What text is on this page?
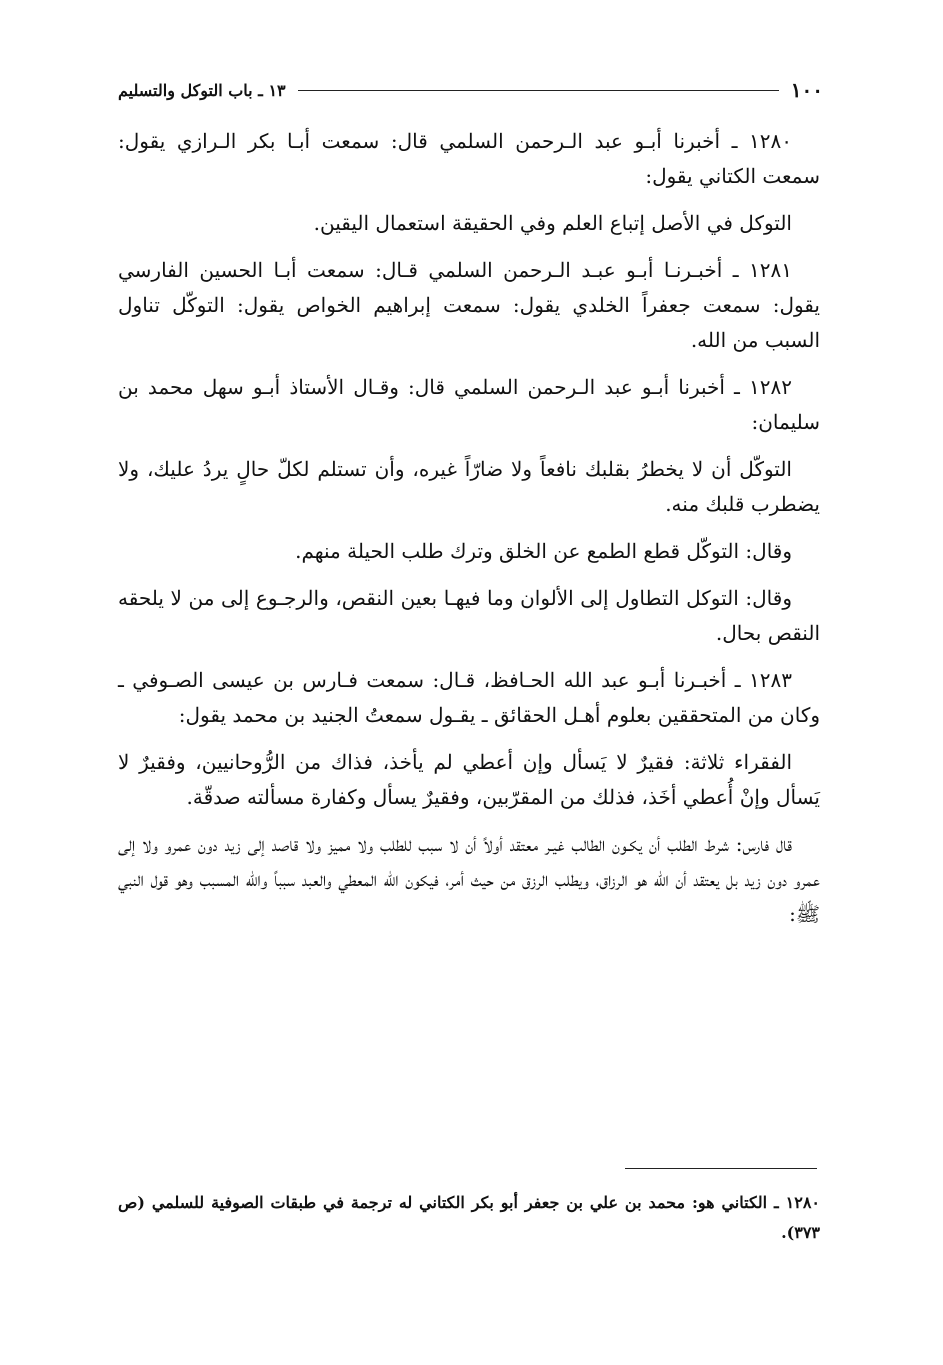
١٠٠
١٣ ـ باب التوكل والتسليم

١٢٨٠ ـ أخبرنا أبـو عبد الـرحمن السلمي قال: سمعت أبـا بكر الـرازي يقول: سمعت الكتاني يقول:

التوكل في الأصل إتباع العلم وفي الحقيقة استعمال اليقين.

١٢٨١ ـ أخبـرنـا أبـو عبـد الـرحمن السلمي قـال: سمعت أبـا الحسين الفارسي يقول: سمعت جعفراً الخلدي يقول: سمعت إبراهيم الخواص يقول: التوكّل تناول السبب من الله.

١٢٨٢ ـ أخبرنا أبـو عبد الـرحمن السلمي قال: وقـال الأستاذ أبـو سهل محمد بن سليمان:

التوكّل أن لا يخطرُ بقلبك نافعاً ولا ضارّاً غيره، وأن تستلم لكلّ حالٍ يردُ عليك، ولا يضطرب قلبك منه.

وقال: التوكّل قطع الطمع عن الخلق وترك طلب الحيلة منهم.

وقال: التوكل التطاول إلى الألوان وما فيهـا بعين النقص، والرجـوع إلى من لا يلحقه النقص بحال.

١٢٨٣ ـ أخبـرنا أبـو عبد الله الحـافظ، قـال: سمعت فـارس بن عيسى الصـوفي ـ وكان من المتحققين بعلوم أهـل الحقائق ـ يقـول سمعتُ الجنيد بن محمد يقول:

الفقراء ثلاثة: فقيرٌ لا يَسأل وإن أعطي لم يأخذ، فذاك من الرُّوحانيين، وفقيرٌ لا يَسأل وإنْ أُعطي أخَذ، فذلك من المقرّبين، وفقيرٌ يسأل وكفارة مسألته صدقّة.

قال فارس: شرط الطلب أن يكـون الطالب غيـر معتقد أولاً أن لا سبب للطلب ولا مميز ولا قاصد إلى زيد دون عمرو ولا إلى عمرو دون زيد بل يعتقد أن الله هو الرزاق، ويطلب الرزق من حيث أمر، فيكون الله المعطي والعبد سبباً والله المسبب وهو قول النبي ﷺ:

١٢٨٠ ـ الكتاني هو: محمد بن علي بن جعفر أبو بكر الكتاني له ترجمة في طبقات الصوفية للسلمي (ص ٣٧٣).
